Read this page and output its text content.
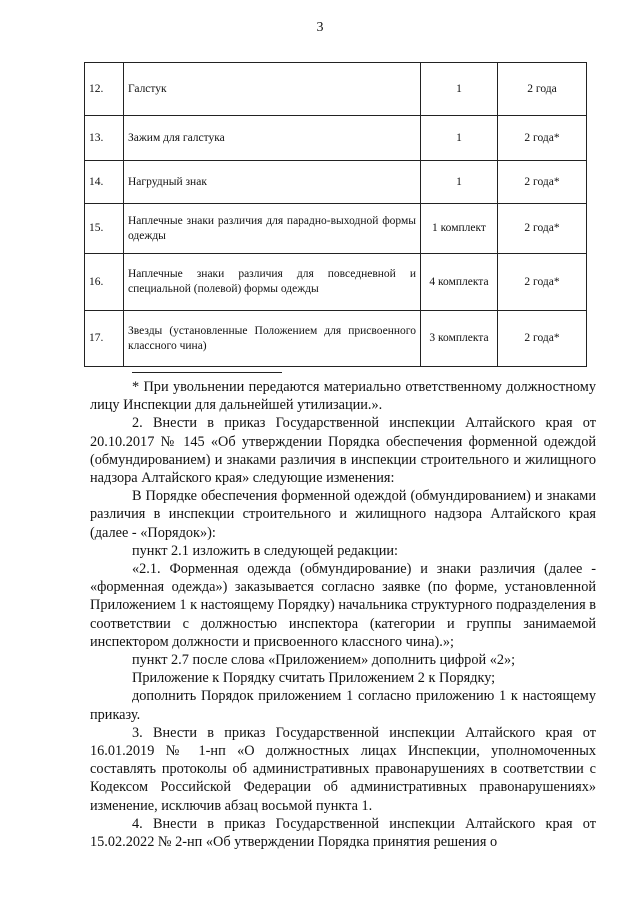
3
12.	Галстук	1	2 года
13.	Зажим для галстука	1	2 года*
14.	Нагрудный знак	1	2 года*
15.	Наплечные знаки различия для парадно-выходной формы одежды	1 комплект	2 года*
16.	Наплечные знаки различия для повседневной и специальной (полевой) формы одежды	4 комплекта	2 года*
17.	Звезды (установленные Положением для присвоенного классного чина)	3 комплекта	2 года*

* При увольнении передаются материально ответственному должностному лицу Инспекции для дальнейшей утилизации.».

2. Внести в приказ Государственной инспекции Алтайского края от 20.10.2017 № 145 «Об утверждении Порядка обеспечения форменной одеждой (обмундированием) и знаками различия в инспекции строительного и жилищного надзора Алтайского края» следующие изменения:

В Порядке обеспечения форменной одеждой (обмундированием) и знаками различия в инспекции строительного и жилищного надзора Алтайского края (далее - «Порядок»):

пункт 2.1 изложить в следующей редакции:

«2.1. Форменная одежда (обмундирование) и знаки различия (далее - «форменная одежда») заказывается согласно заявке (по форме, установленной Приложением 1 к настоящему Порядку) начальника структурного подразделения в соответствии с должностью инспектора (категории и группы занимаемой инспектором должности и присвоенного классного чина).»;

пункт 2.7 после слова «Приложением» дополнить цифрой «2»;

Приложение к Порядку считать Приложением 2 к Порядку;

дополнить Порядок приложением 1 согласно приложению 1 к настоящему приказу.

3. Внести в приказ Государственной инспекции Алтайского края от 16.01.2019 № 1-нп «О должностных лицах Инспекции, уполномоченных составлять протоколы об административных правонарушениях в соответствии с Кодексом Российской Федерации об административных правонарушениях» изменение, исключив абзац восьмой пункта 1.

4. Внести в приказ Государственной инспекции Алтайского края от 15.02.2022 № 2-нп «Об утверждении Порядка принятия решения о
